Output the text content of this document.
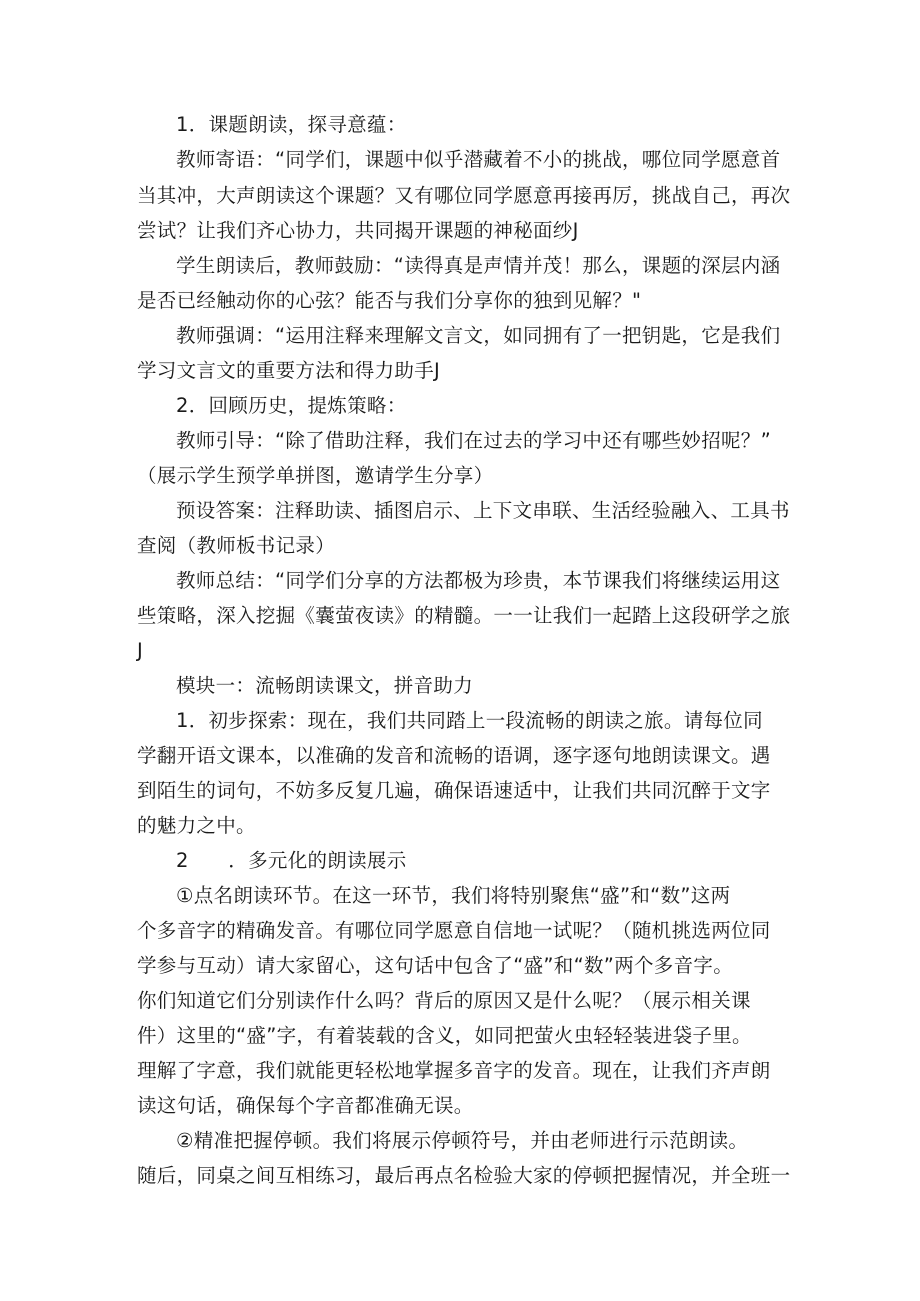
1．课题朗读，探寻意蕴：

教师寄语：“同学们，课题中似乎潜藏着不小的挑战，哪位同学愿意首

当其冲，大声朗读这个课题？又有哪位同学愿意再接再厉，挑战自己，再次

尝试？让我们齐心协力，共同揭开课题的神秘面纱J

学生朗读后，教师鼓励：“读得真是声情并茂！那么，课题的深层内涵

是否已经触动你的心弦？能否与我们分享你的独到见解？"

教师强调：“运用注释来理解文言文，如同拥有了一把钥匙，它是我们

学习文言文的重要方法和得力助手J

2．回顾历史，提炼策略：

教师引导：“除了借助注释，我们在过去的学习中还有哪些妙招呢？”

（展示学生预学单拼图，邀请学生分享）

预设答案：注释助读、插图启示、上下文串联、生活经验融入、工具书

查阅（教师板书记录）

教师总结：“同学们分享的方法都极为珍贵，本节课我们将继续运用这

些策略，深入挖掘《囊萤夜读》的精髓。一一让我们一起踏上这段研学之旅

J

模块一：流畅朗读课文，拼音助力

1．初步探索：现在，我们共同踏上一段流畅的朗读之旅。请每位同

学翻开语文课本，以准确的发音和流畅的语调，逐字逐句地朗读课文。遇

到陌生的词句，不妨多反复几遍，确保语速适中，让我们共同沉醉于文字

的魅力之中。

2　　．多元化的朗读展示

①点名朗读环节。在这一环节，我们将特别聚焦“盛”和“数”这两

个多音字的精确发音。有哪位同学愿意自信地一试呢？（随机挑选两位同

学参与互动）请大家留心，这句话中包含了“盛”和“数”两个多音字。

你们知道它们分别读作什么吗？背后的原因又是什么呢？（展示相关课

件）这里的“盛”字，有着装载的含义，如同把萤火虫轻轻装进袋子里。

理解了字意，我们就能更轻松地掌握多音字的发音。现在，让我们齐声朗

读这句话，确保每个字音都准确无误。

②精准把握停顿。我们将展示停顿符号，并由老师进行示范朗读。

随后，同桌之间互相练习，最后再点名检验大家的停顿把握情况，并全班一
